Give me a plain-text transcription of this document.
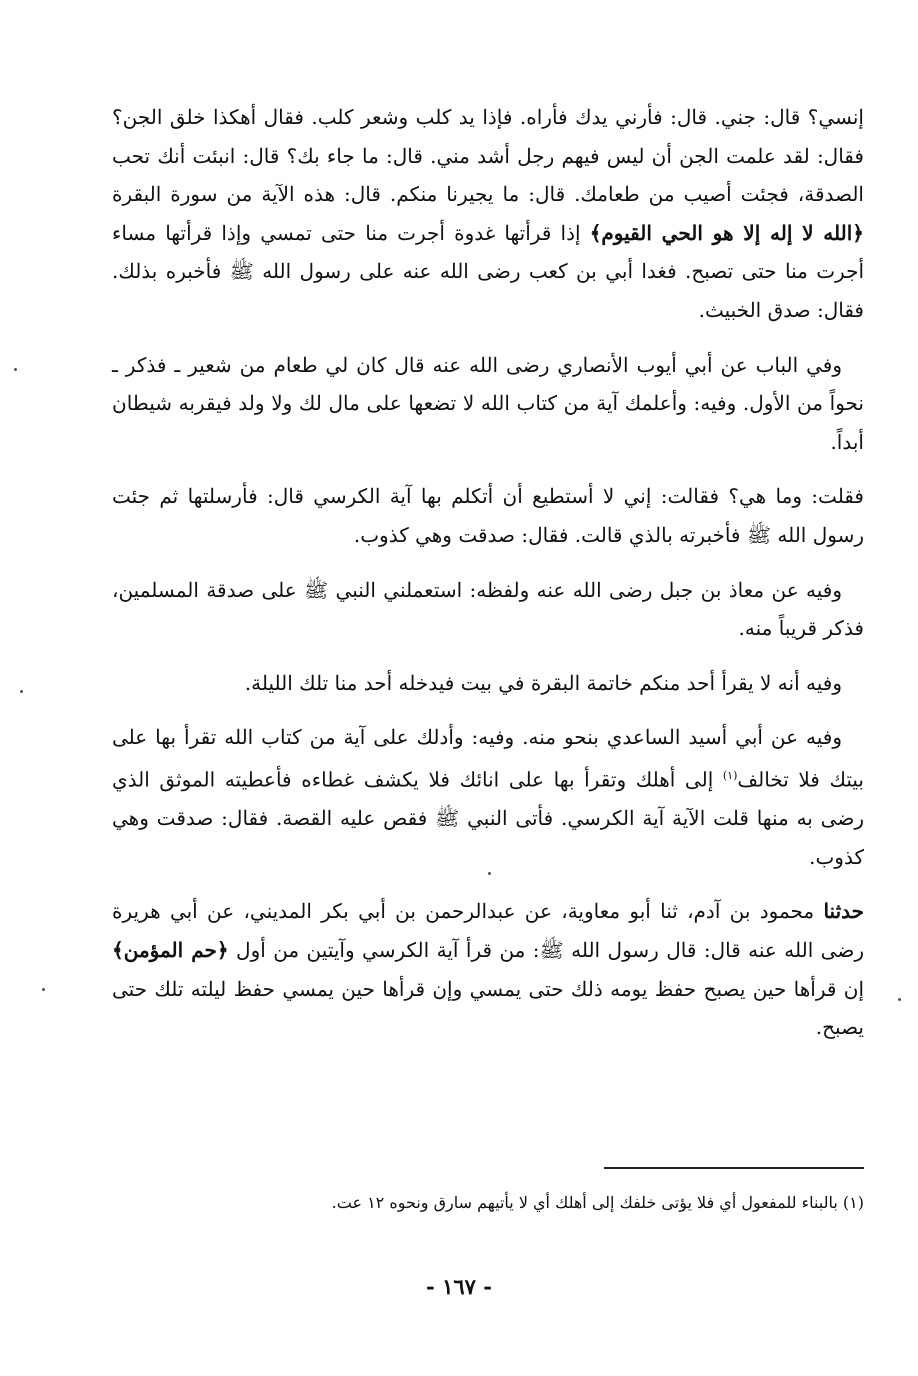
إنسي؟ قال: جني. قال: فأرني يدك فأراه. فإذا يد كلب وشعر كلب. فقال أهكذا خلق الجن؟ فقال: لقد علمت الجن أن ليس فيهم رجل أشد مني. قال: ما جاء بك؟ قال: انبئت أنك تحب الصدقة، فجئت أصيب من طعامك. قال: ما يجيرنا منكم. قال: هذه الآية من سورة البقرة ﴿الله لا إله إلا هو الحي القيوم﴾ إذا قرأتها غدوة أجرت منا حتى تمسي وإذا قرأتها مساء أجرت منا حتى تصبح. فغدا أبي بن كعب رضى الله عنه على رسول الله ﷺ فأخبره بذلك. فقال: صدق الخبيث.

وفي الباب عن أبي أيوب الأنصاري رضى الله عنه قال كان لي طعام من شعير ـ فذكر ـ نحواً من الأول. وفيه: وأعلمك آية من كتاب الله لا تضعها على مال لك ولا ولد فيقربه شيطان أبداً.

فقلت: وما هي؟ فقالت: إني لا أستطيع أن أتكلم بها آية الكرسي قال: فأرسلتها ثم جئت رسول الله ﷺ فأخبرته بالذي قالت. فقال: صدقت وهي كذوب.

وفيه عن معاذ بن جبل رضى الله عنه ولفظه: استعملني النبي ﷺ على صدقة المسلمين، فذكر قريباً منه.

وفيه أنه لا يقرأ أحد منكم خاتمة البقرة في بيت فيدخله أحد منا تلك الليلة.

وفيه عن أبي أسيد الساعدي بنحو منه. وفيه: وأدلك على آية من كتاب الله تقرأ بها على بيتك فلا تخالف$^{(١)}$ إلى أهلك وتقرأ بها على انائك فلا يكشف غطاءه فأعطيته الموثق الذي رضى به منها قلت الآية آية الكرسي. فأتى النبي ﷺ فقص عليه القصة. فقال: صدقت وهي كذوب.

حدثنا محمود بن آدم، ثنا أبو معاوية، عن عبدالرحمن بن أبي بكر المديني، عن أبي هريرة رضى الله عنه قال: قال رسول الله ﷺ: من قرأ آية الكرسي وآيتين من أول ﴿حم المؤمن﴾ إن قرأها حين يصبح حفظ يومه ذلك حتى يمسي وإن قرأها حين يمسي حفظ ليلته تلك حتى يصبح.

(١) بالبناء للمفعول أي فلا يؤتى خلفك إلى أهلك أي لا يأتيهم سارق ونحوه ١٢ عت.
- ١٦٧ -
